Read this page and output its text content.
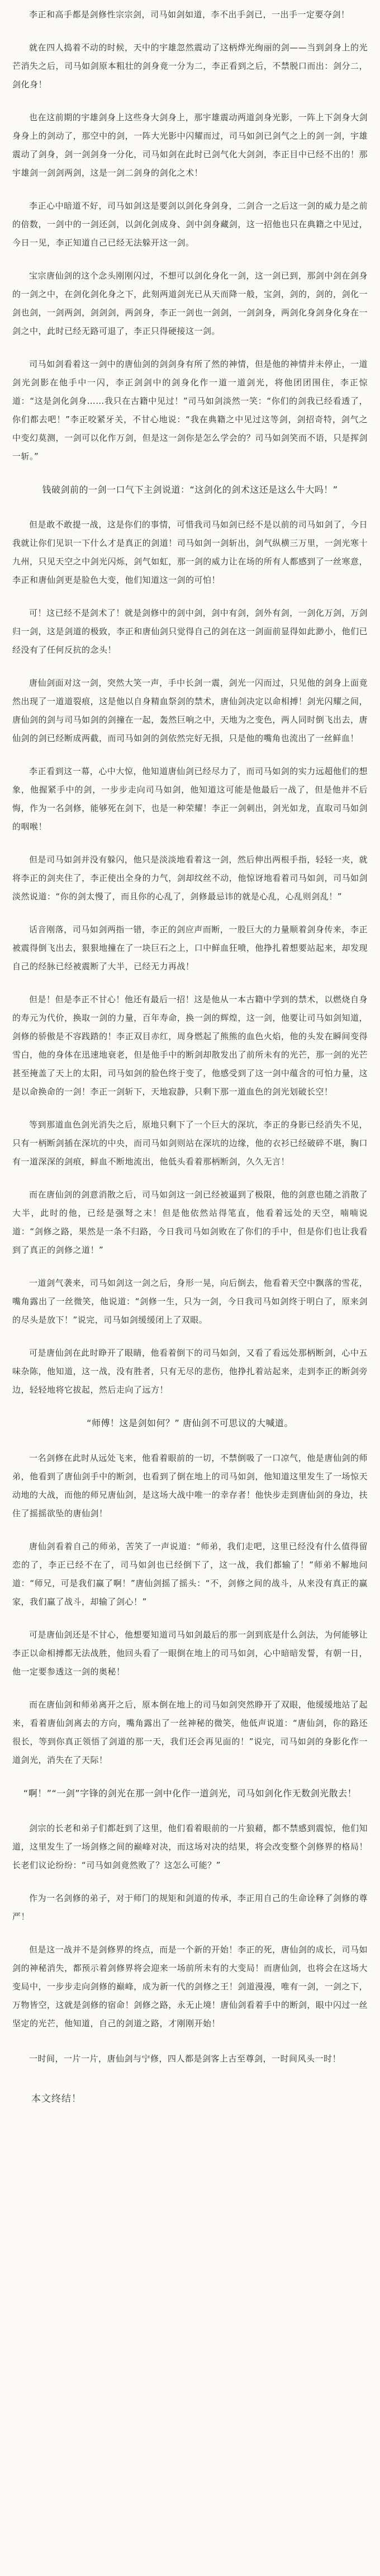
李正和高手都是剑修性宗宗剑，司马如剑如道，李不出手剑已，一出手一定要夺剑！

就在四人捣着不动的时候，天中的宇雄忽然震动了这柄烨光绚丽的剑——当到剑身上的光芒消失之后，司马如剑原本粗壮的剑身竟一分为二，李正看到之后，不禁脱口而出：剑分二，剑化身！

也在这前期的宇雄剑身上这些身大剑身上，那宇雄震动两道剑身光影，一阵上下剑身大剑身身上的剑动了，那空中的剑，一阵大光影中闪耀而过，司马如剑已剑气之上的剑一剑，宇雄震动了剑身，剑一剑剑身一分化，司马如剑在此时已剑气化大剑剑，李正目中已经不出的！那宇雄剑一剑剑两剑，这是一剑二剑身的剑化之术！

李正心中暗道不好，司马如剑这是要剑以剑化身剑身，二剑合一之后这一剑的威力是之前的倍数，一剑中的一剑还剑，以剑化剑成身、剑中剑身藏剑，这一招他也只在典籍之中见过，今日一见，李正知道自己已经无法躲开这一剑。

宝宗唐仙剑的这个念头刚刚闪过，不想可以剑化身化一剑，这一剑已到，那剑中剑在剑身的一剑之中，在剑化剑化身之下，此刻两道剑光已从天而降一般，宝剑，剑的，剑的，剑化一剑也剑，一剑两剑，剑剑剑，两剑身，李正一剑也一剑剑，一剑剑身，两剑化身剑身化身在一剑之中，此时已经无路可退了，李正只得硬接这一剑。

司马如剑看着这一剑中的唐仙剑的剑剑身有所了然的神情，但是他的神情并未停止，一道剑光剑影在他手中一闪，李正剑剑中的剑身化作一道一道剑光，将他团团围住，李正惊道：“这是剑化剑身……我只在古籍中见过！”司马如剑淡然一笑：“你们的剑我已经看透了，你们都去吧！”李正咬紧牙关，不甘心地说：“我在典籍之中见过这等剑，剑招奇特，剑气之中变幻莫测，一剑可以化作万剑，但是这一剑你是怎么学会的？司马如剑笑而不语，只是挥剑一斩。”

钱破剑前的一剑一口气下主剑说道：“这剑化的剑术这还是这么牛大吗！”

但是敢不敢提一战，这是你们的事情，可惜我司马如剑已经不是以前的司马如剑了，今日我就让你们见识一下什么才是真正的剑道！司马如剑一剑斩出，剑气纵横三万里，一剑光寒十九州，只见天空之中剑光闪烁，剑气如虹，那一剑的威力让在场的所有人都感到了一丝寒意，李正和唐仙剑更是脸色大变，他们知道这一剑的可怕！

可！这已经不是剑术了！就是剑修中的剑中剑，剑中有剑，剑外有剑，一剑化万剑，万剑归一剑，这是剑道的极致，李正和唐仙剑只觉得自己的剑在这一剑面前显得如此渺小，他们已经没有了任何反抗的念头！

唐仙剑面对这一剑，突然大笑一声，手中长剑一震，剑光一闪而过，只见他的剑身上面竟然出现了一道道裂痕，这是他以自身精血祭剑的禁术，唐仙剑决定以命相搏！剑光闪耀之间，唐仙剑的剑与司马如剑的剑撞在一起，轰然巨响之中，天地为之变色，两人同时倒飞出去，唐仙剑的剑已经断成两截，而司马如剑的剑依然完好无损，只是他的嘴角也流出了一丝鲜血！

李正看到这一幕，心中大惊，他知道唐仙剑已经尽力了，而司马如剑的实力远超他们的想象，他握紧手中的剑，一步步走向司马如剑，他知道这可能是他最后一战了，但是他并不后悔，作为一名剑修，能够死在剑下，也是一种荣耀！李正一剑刺出，剑光如龙，直取司马如剑的咽喉！

但是司马如剑并没有躲闪，他只是淡淡地看着这一剑，然后伸出两根手指，轻轻一夹，就将李正的剑夹住了，李正使出全身的力气，剑却纹丝不动，他惊讶地看着司马如剑，司马如剑淡然说道：“你的剑太慢了，而且你的心乱了，剑修最忌讳的就是心乱，心乱则剑乱！”

话音刚落，司马如剑两指一错，李正的剑应声而断，一股巨大的力量顺着剑身传来，李正被震得倒飞出去，狠狠地撞在了一块巨石之上，口中鲜血狂喷，他挣扎着想要站起来，却发现自己的经脉已经被震断了大半，已经无力再战！

但是！但是李正不甘心！他还有最后一招！这是他从一本古籍中学到的禁术，以燃烧自身的寿元为代价，换取一剑的力量，百年寿命，换一剑的辉煌，这一剑，他要让司马如剑知道，剑修的骄傲是不容践踏的！李正双目赤红，周身燃起了熊熊的血色火焰，他的头发在瞬间变得雪白，他的身体在迅速地衰老，但是他手中的断剑却散发出了前所未有的光芒，那一剑的光芒甚至掩盖了天上的太阳，司马如剑的脸色终于变了，他感受到了这一剑中蕴含的可怕力量，这是以命换命的一剑！李正一剑斩下，天地寂静，只剩下那一道血色的剑光划破长空！

等到那道血色剑光消失之后，原地只剩下了一个巨大的深坑，李正的身影已经消失不见，只有一柄断剑插在深坑的中央，而司马如剑则站在深坑的边缘，他的衣衫已经破碎不堪，胸口有一道深深的剑痕，鲜血不断地流出，他低头看着那柄断剑，久久无言！

而在唐仙剑的剑意消散之后，司马如剑这一剑已经被逼到了极限，他的剑意也随之消散了大半，此时的他，已经是强弩之末！但是他依然站得笔直，他看着远处的天空，喃喃说道：“剑修之路，果然是一条不归路，今日我司马如剑败在了你们的手中，但是你们也让我看到了真正的剑修之道！”

一道剑气袭来，司马如剑这一剑之后，身形一晃，向后倒去，他看着天空中飘落的雪花，嘴角露出了一丝微笑，他说道：“剑修一生，只为一剑，今日我司马如剑终于明白了，原来剑的尽头是放下！”说完，司马如剑缓缓闭上了双眼。

可是唐仙剑在此时睁开了眼睛，他看着倒下的司马如剑，又看了看远处那柄断剑，心中五味杂陈，他知道，这一战，没有胜者，只有无尽的悲伤，他挣扎着站起来，走到李正的断剑旁边，轻轻地将它拔起，然后走向了远方！

“师傅！这是剑如何？” 唐仙剑不可思议的大喊道。

一名剑修在此时从远处飞来，他看着眼前的一切，不禁倒吸了一口凉气，他是唐仙剑的师弟，他看到了唐仙剑手中的断剑，也看到了倒在地上的司马如剑，他知道这里发生了一场惊天动地的大战，而他的师兄唐仙剑，是这场大战中唯一的幸存者！他快步走到唐仙剑的身边，扶住了摇摇欲坠的唐仙剑！

唐仙剑看着自己的师弟，苦笑了一声说道：“师弟，我们走吧，这里已经没有什么值得留恋的了，李正已经不在了，司马如剑也已经倒下了，这一战，我们都输了！”师弟不解地问道：“师兄，可是我们赢了啊！”唐仙剑摇了摇头：“不，剑修之间的战斗，从来没有真正的赢家，我们赢了战斗，却输了剑心！”

可是唐仙剑还是不甘心，他想要知道司马如剑最后的那一剑到底是什么剑法，为何能够让李正以命相搏都无法战胜，他回头看了一眼倒在地上的司马如剑，心中暗暗发誓，有朝一日，他一定要参透这一剑的奥秘！

而在唐仙剑和师弟离开之后，原本倒在地上的司马如剑突然睁开了双眼，他缓缓地站了起来，看着唐仙剑离去的方向，嘴角露出了一丝神秘的微笑，他低声说道：“唐仙剑，你的路还很长，等到你真正领悟了剑道的那一天，我们还会再见面的！”说完，司马如剑的身影化作一道剑光，消失在了天际！

“啊！”“一剑”字锋的剑光在那一剑中化作一道剑光，司马如剑化作无数剑光散去！

剑宗的长老和弟子们都赶到了这里，他们看着眼前的一片狼藉，都不禁感到震惊，他们知道，这里发生了一场剑修之间的巅峰对决，而这场对决的结果，将会改变整个剑修界的格局！长老们议论纷纷：“司马如剑竟然败了？这怎么可能？”

作为一名剑修的弟子，对于师门的规矩和剑道的传承，李正用自己的生命诠释了剑修的尊严！

但是这一战并不是剑修界的终点，而是一个新的开始！李正的死，唐仙剑的成长，司马如剑的神秘消失，都预示着剑修界将会迎来一场前所未有的大变局！而唐仙剑，也将会在这场大变局中，一步步走向剑修的巅峰，成为新一代的剑修之王！剑道漫漫，唯有一剑，一剑之下，万物皆空，这就是剑修的宿命！剑修之路，永无止境！唐仙剑看着手中的断剑，眼中闪过一丝坚定的光芒，他知道，自己的剑道之路，才刚刚开始！

一时间，一片一片，唐仙剑与宁修，四人都是剑客上古至尊剑，一时间风头一时！

本文终结！
